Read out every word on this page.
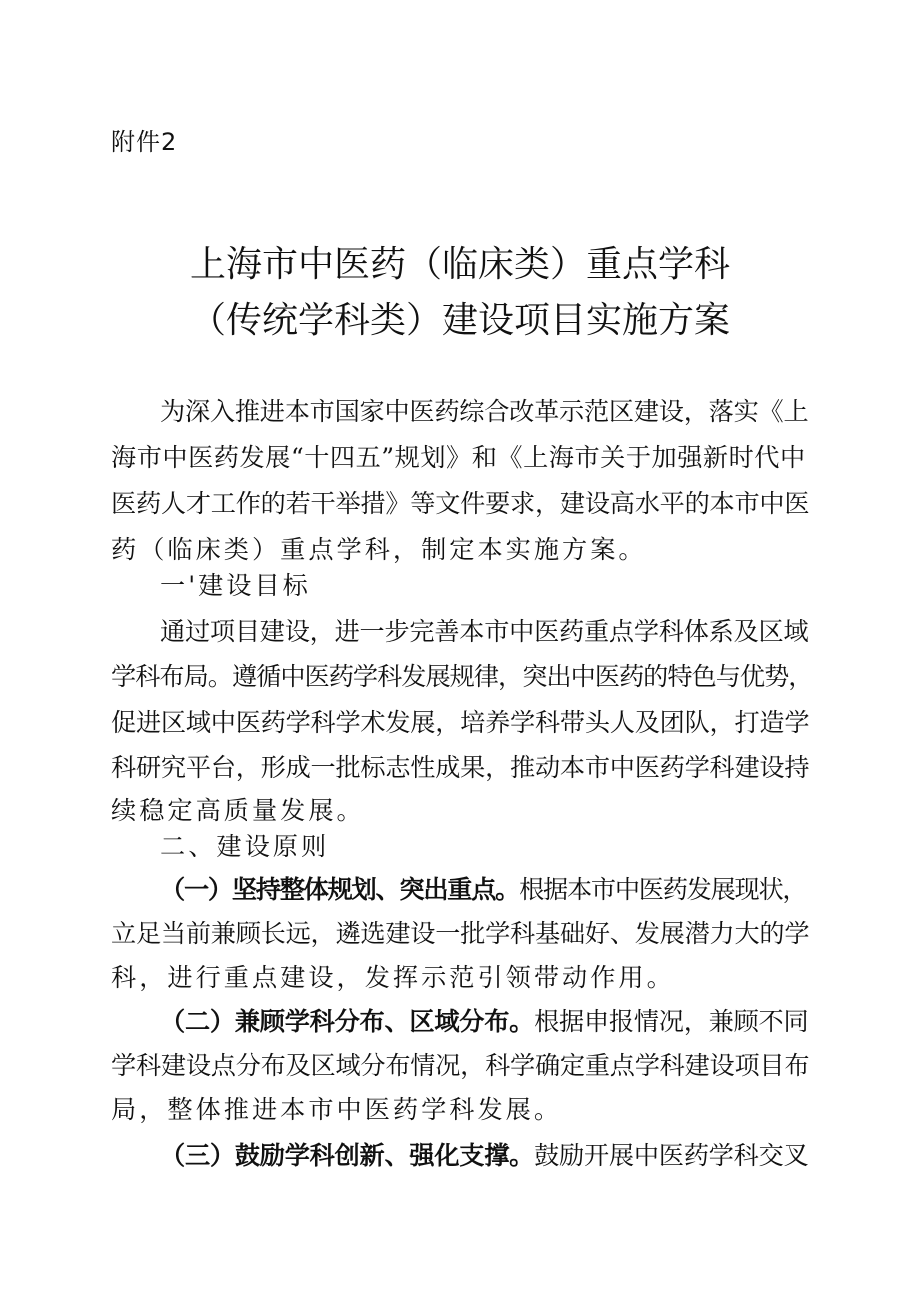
附件2
上海市中医药（临床类）重点学科
（传统学科类）建设项目实施方案
为深入推进本市国家中医药综合改革示范区建设，落实《上
海市中医药发展“十四五”规划》和《上海市关于加强新时代中
医药人才工作的若干举措》等文件要求，建设高水平的本市中医
药（临床类）重点学科，制定本实施方案。
一'建设目标
通过项目建设，进一步完善本市中医药重点学科体系及区域
学科布局。遵循中医药学科发展规律，突出中医药的特色与优势，
促进区域中医药学科学术发展，培养学科带头人及团队，打造学
科研究平台，形成一批标志性成果，推动本市中医药学科建设持
续稳定高质量发展。
二、建设原则
（一）坚持整体规划、突出重点。根据本市中医药发展现状，
立足当前兼顾长远，遴选建设一批学科基础好、发展潜力大的学
科，进行重点建设，发挥示范引领带动作用。
（二）兼顾学科分布、区域分布。根据申报情况，兼顾不同
学科建设点分布及区域分布情况，科学确定重点学科建设项目布
局，整体推进本市中医药学科发展。
（三）鼓励学科创新、强化支撑。鼓励开展中医药学科交叉
